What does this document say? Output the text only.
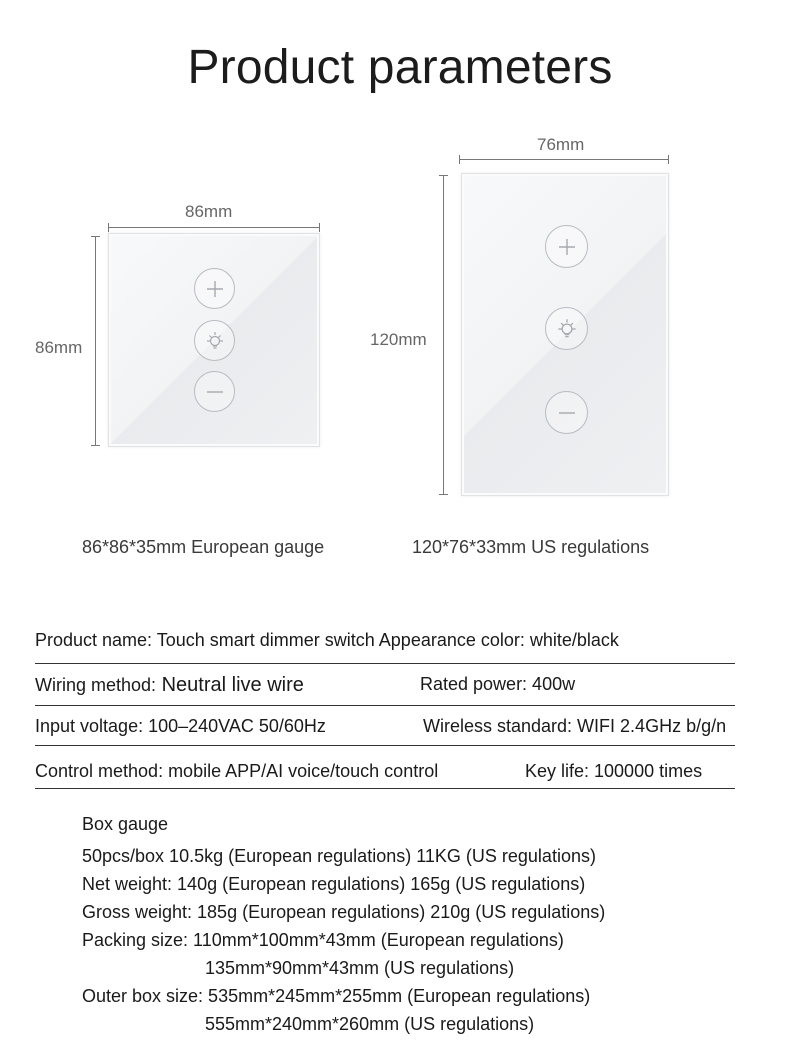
Product parameters
86mm
86mm
86*86*35mm European gauge
76mm
120mm
120*76*33mm US regulations
Product name: Touch smart dimmer switch Appearance color: white/black
Wiring method: Neutral live wire	Rated power: 400w
Input voltage: 100–240VAC 50/60Hz	Wireless standard: WIFI 2.4GHz b/g/n
Control method: mobile APP/AI voice/touch control	Key life: 100000 times
Box gauge
50pcs/box 10.5kg (European regulations) 11KG (US regulations)
Net weight: 140g (European regulations) 165g (US regulations)
Gross weight: 185g (European regulations) 210g (US regulations)
Packing size: 110mm*100mm*43mm (European regulations)
135mm*90mm*43mm (US regulations)
Outer box size: 535mm*245mm*255mm (European regulations)
555mm*240mm*260mm (US regulations)
